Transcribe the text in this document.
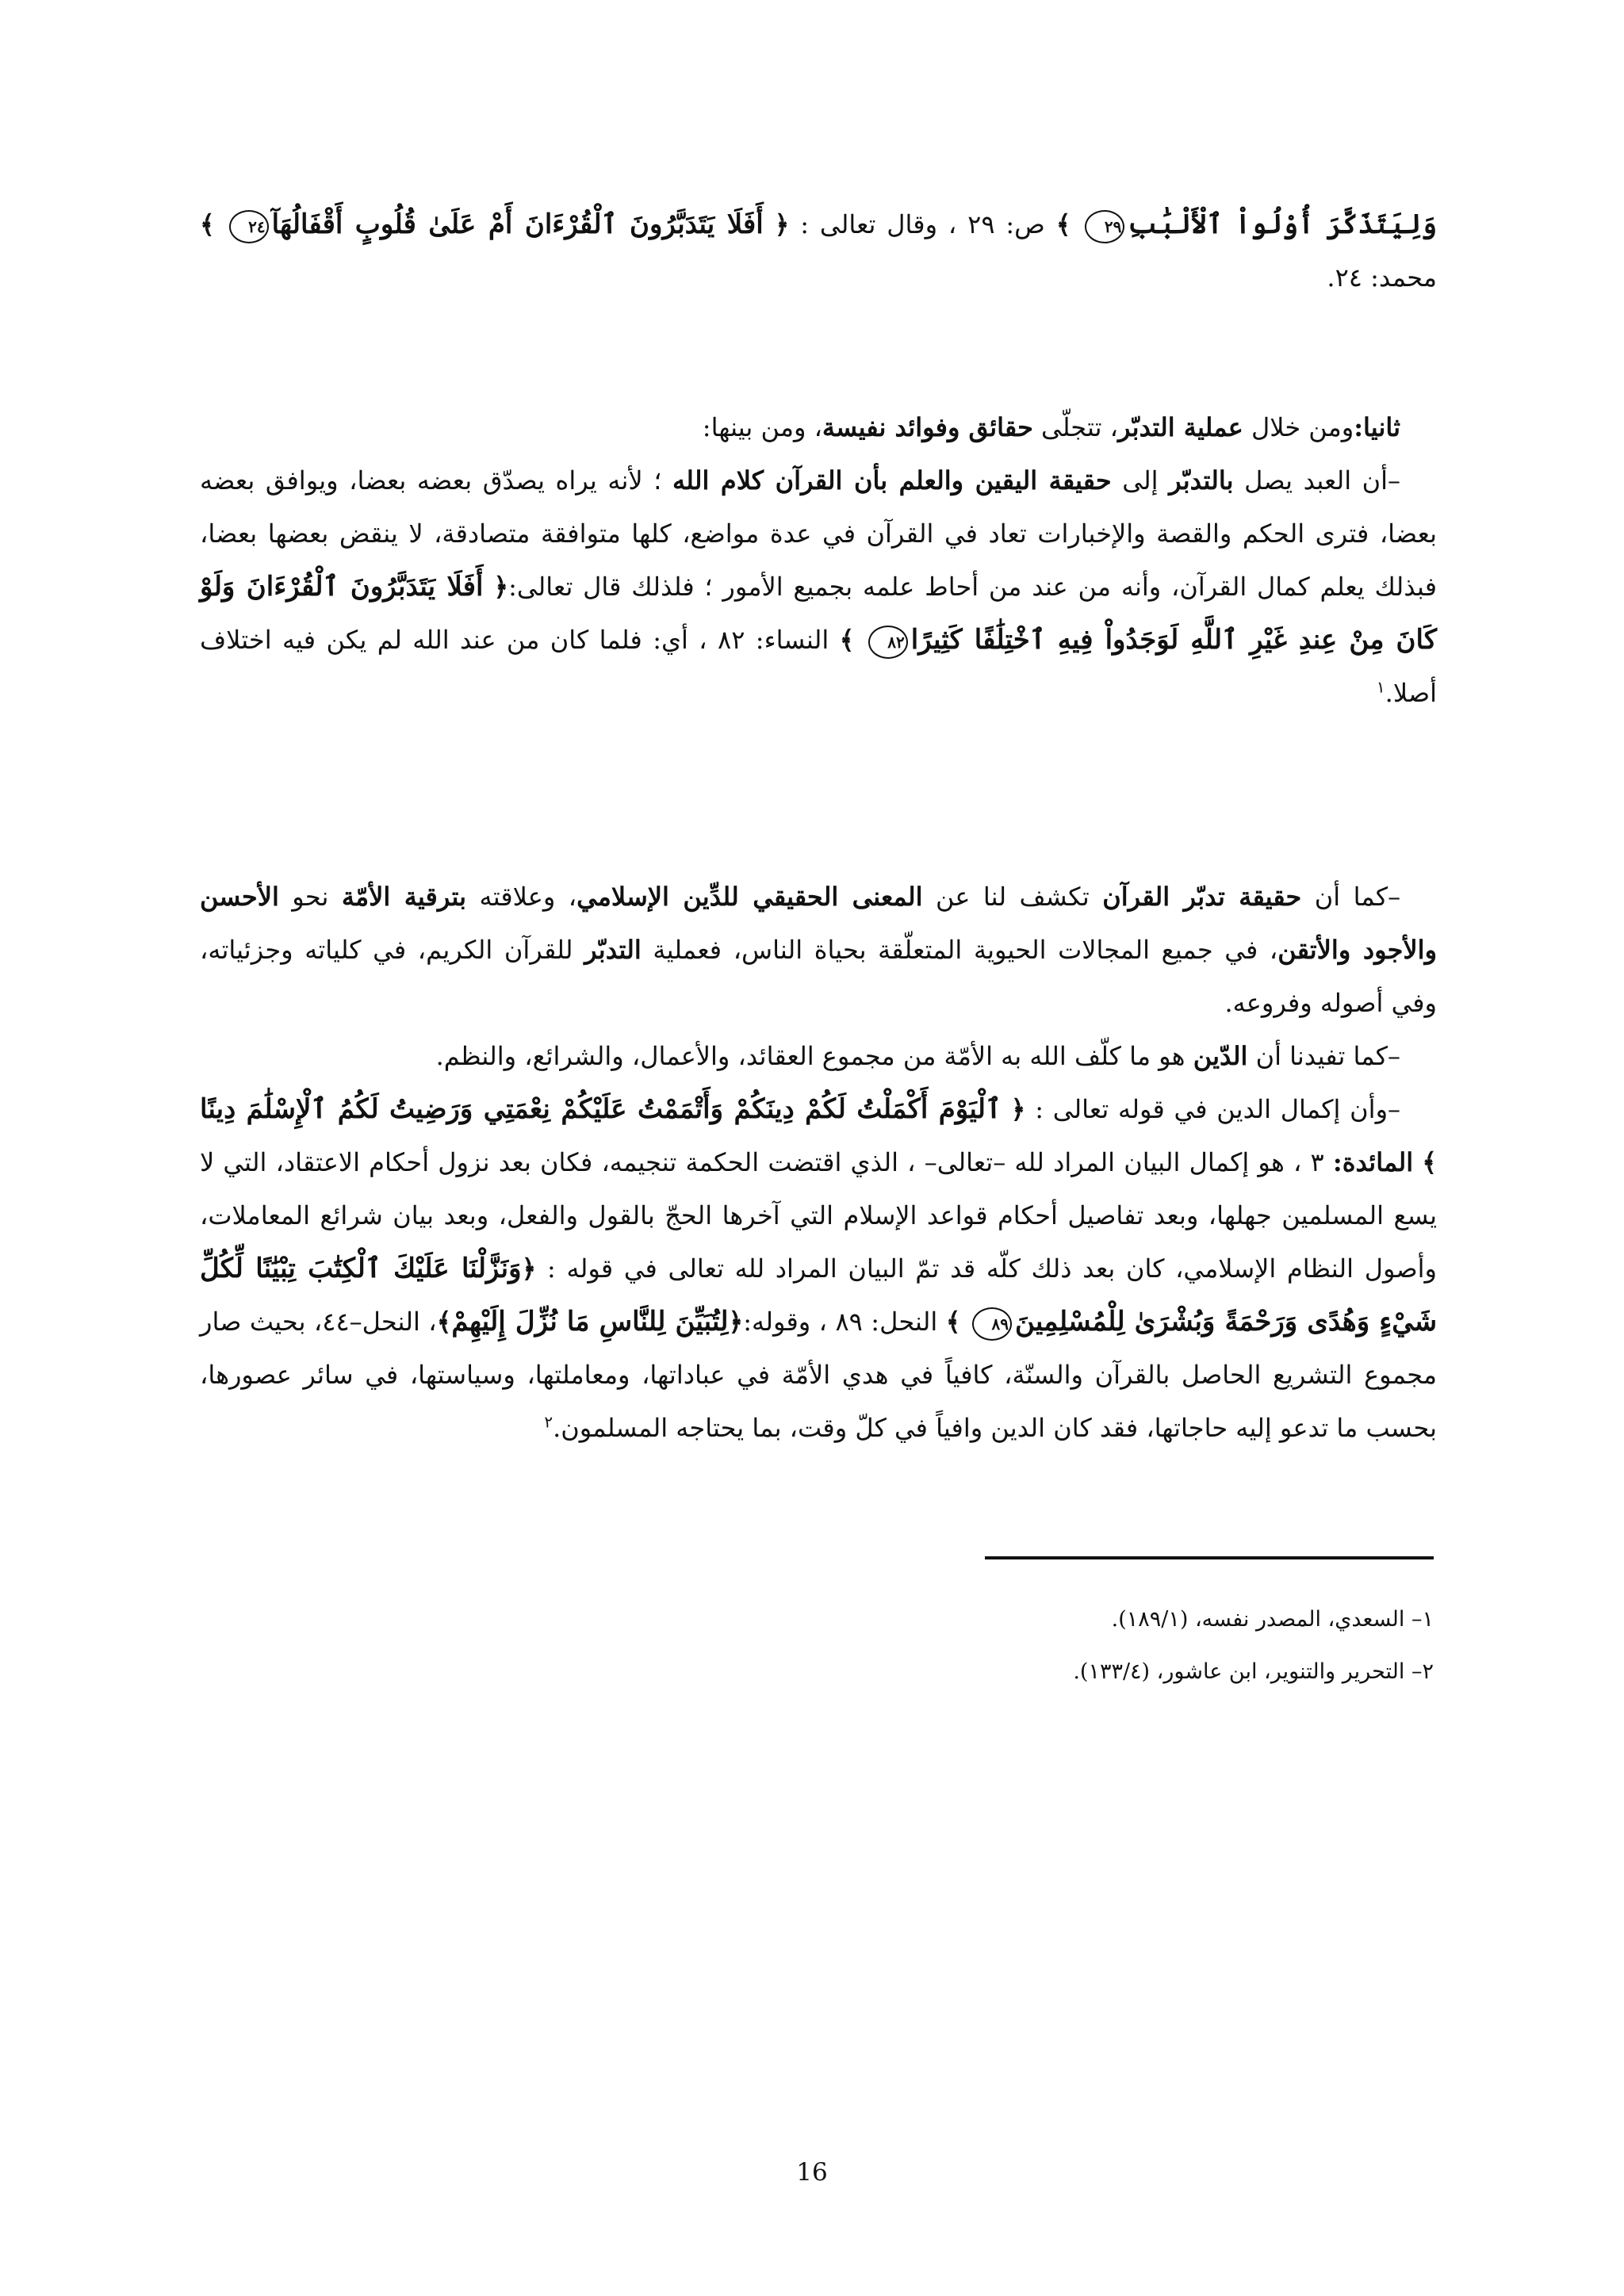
وَلِيَتَذَكَّرَ أُوْلُواْ ٱلْأَلْبَٰبِ٢٩ ﴾ ص: ٢٩ ، وقال تعالى : ﴿ أَفَلَا يَتَدَبَّرُونَ ٱلْقُرْءَانَ أَمْ عَلَىٰ قُلُوبٍ أَقْفَالُهَآ٢٤ ﴾ محمد: ٢٤.

ثانيا:ومن خلال عملية التدبّر، تتجلّى حقائق وفوائد نفيسة، ومن بينها:

–أن العبد يصل بالتدبّر إلى حقيقة اليقين والعلم بأن القرآن كلام الله ؛ لأنه يراه يصدّق بعضه بعضا، ويوافق بعضه بعضا، فترى الحكم والقصة والإخبارات تعاد في القرآن في عدة مواضع، كلها متوافقة متصادقة، لا ينقض بعضها بعضا، فبذلك يعلم كمال القرآن، وأنه من عند من أحاط علمه بجميع الأمور ؛ فلذلك قال تعالى:﴿ أَفَلَا يَتَدَبَّرُونَ ٱلْقُرْءَانَ وَلَوْ كَانَ مِنْ عِندِ غَيْرِ ٱللَّهِ لَوَجَدُواْ فِيهِ ٱخْتِلَٰفًا كَثِيرًا٨٢ ﴾ النساء: ٨٢ ، أي: فلما كان من عند الله لم يكن فيه اختلاف أصلا.$^١$

–كما أن حقيقة تدبّر القرآن تكشف لنا عن المعنى الحقيقي للدِّين الإسلامي، وعلاقته بترقية الأمّة نحو الأحسن والأجود والأتقن، في جميع المجالات الحيوية المتعلّقة بحياة الناس، فعملية التدبّر للقرآن الكريم، في كلياته وجزئياته، وفي أصوله وفروعه.

–كما تفيدنا أن الدّين هو ما كلّف الله به الأمّة من مجموع العقائد، والأعمال، والشرائع، والنظم.

–وأن إكمال الدين في قوله تعالى : ﴿ ٱلْيَوْمَ أَكْمَلْتُ لَكُمْ دِينَكُمْ وَأَتْمَمْتُ عَلَيْكُمْ نِعْمَتِي وَرَضِيتُ لَكُمُ ٱلْإِسْلَٰمَ دِينًا ﴾ المائدة: ٣ ، هو إكمال البيان المراد لله –تعالى– ، الذي اقتضت الحكمة تنجيمه، فكان بعد نزول أحكام الاعتقاد، التي لا يسع المسلمين جهلها، وبعد تفاصيل أحكام قواعد الإسلام التي آخرها الحجّ بالقول والفعل، وبعد بيان شرائع المعاملات، وأصول النظام الإسلامي، كان بعد ذلك كلّه قد تمّ البيان المراد لله تعالى في قوله : ﴿وَنَزَّلْنَا عَلَيْكَ ٱلْكِتَٰبَ تِبْيَٰنًا لِّكُلِّ شَيْءٍ وَهُدًى وَرَحْمَةً وَبُشْرَىٰ لِلْمُسْلِمِينَ٨٩ ﴾ النحل: ٨٩ ، وقوله:﴿لِتُبَيِّنَ لِلنَّاسِ مَا نُزِّلَ إِلَيْهِمْ﴾، النحل–٤٤، بحيث صار مجموع التشريع الحاصل بالقرآن والسنّة، كافياً في هدي الأمّة في عباداتها، ومعاملتها، وسياستها، في سائر عصورها، بحسب ما تدعو إليه حاجاتها، فقد كان الدين وافياً في كلّ وقت، بما يحتاجه المسلمون.$^٢$

١– السعدي، المصدر نفسه، (١٨٩/١).

٢– التحرير والتنوير، ابن عاشور، (١٣٣/٤).

16
